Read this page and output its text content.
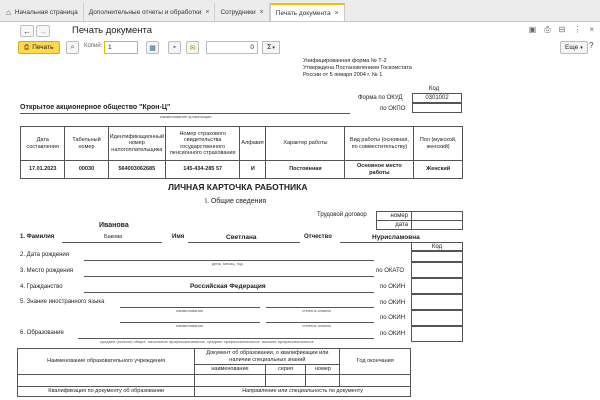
⌂ Начальная страница Дополнительные отчеты и обработки × Сотрудники × Печать документа ×
←	→	Печать документа	▣ ⎙ ⊟ ⋮ ×
⎙ Печать ⌕ Копий: 1	▦ ▪ ✉	0 Σ ▾	Еще ▾ ?
Унифицированная форма № Т-2
Утверждена Постановлением Госкомстата
России от 5 января 2004 г. № 1
Код
Форма по ОКУД	0301002
по ОКПО
Открытое акционерное общество "Крон-Ц"
наименование организации
Дата составления	Табельный номер	Идентификационный номер налогоплательщика	Номер страхового свидетельства государственного пенсионного страхования	Алфавит	Характер работы	Вид работы (основная, по совместительству)	Пол (мужской, женский)
17.01.2023	00030	564003062685	145-434-285 57	И	Постоянная	Основное место работы	Женский
ЛИЧНАЯ КАРТОЧКА РАБОТНИКА
I. Общие сведения
Трудовой договор	номер
дата
Иванова
1. Фамилия	Бакова	Имя	Светлана	Отчество	Нурисламовна
Код
2. Дата рождения
день, месяц, год
3. Место рождения	по ОКАТО
4. Гражданство	Российская Федерация	по ОКИН
5. Знание иностранного языка
наименование	степень знания
по ОКИН
наименование	степень знания
по ОКИН
6. Образование
среднее (полное) общее, начальное профессиональное, среднее профессиональное, высшее профессиональное
по ОКИН
Наименование образовательного учреждения	Документ об образовании, о квалификации или наличии специальных знаний			Год окончания
	наименование	серия	номер	

Квалификация по документу об образовании	Направление или специальность по документу			
